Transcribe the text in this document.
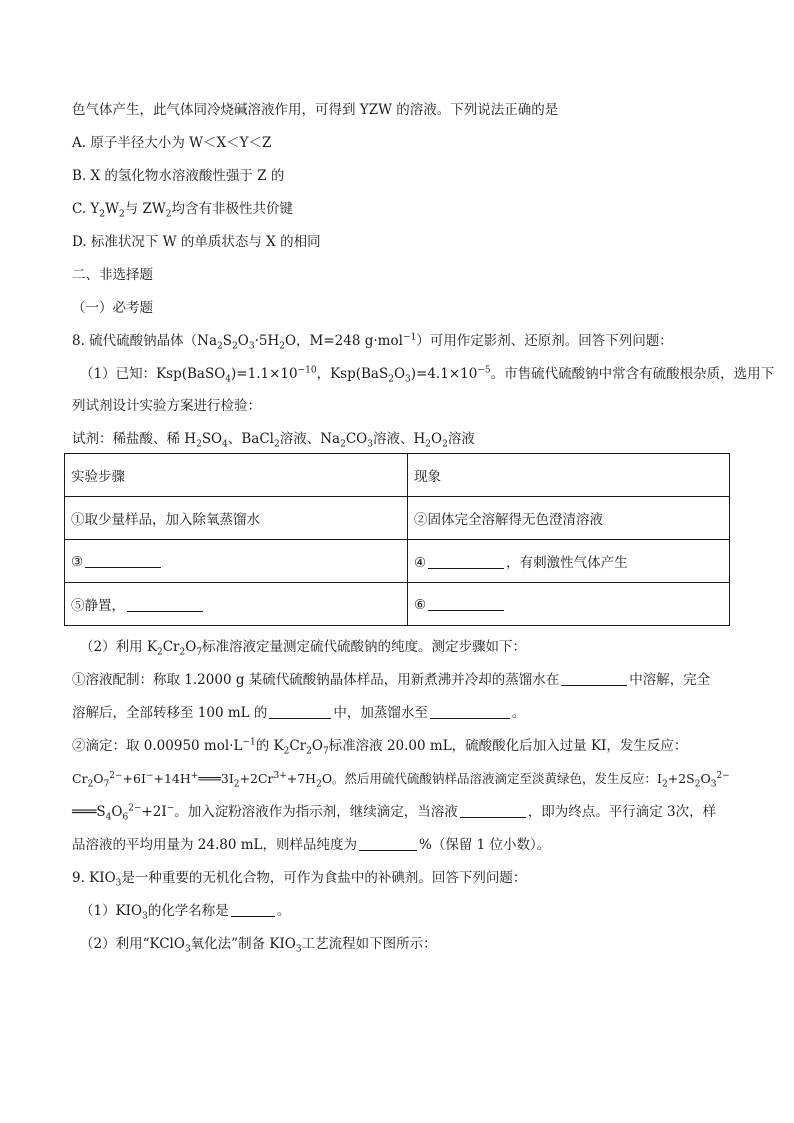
色气体产生，此气体同冷烧碱溶液作用，可得到 YZW 的溶液。下列说法正确的是
A. 原子半径大小为 W＜X＜Y＜Z
B. X 的氢化物水溶液酸性强于 Z 的
C. $Y_2W_2$与 $ZW_2$均含有非极性共价键
D. 标准状况下 W 的单质状态与 X 的相同
二、非选择题
（一）必考题
8. 硫代硫酸钠晶体（$Na_2S_2O_3\cdot 5H_2O$，M=248 g·mol$^{-1}$）可用作定影剂、还原剂。回答下列问题：
（1）已知：$Ksp(BaSO_4)=1.1\times 10^{-10}$，$Ksp(BaS_2O_3)=4.1\times 10^{-5}$。市售硫代硫酸钠中常含有硫酸根杂质，选用下
列试剂设计实验方案进行检验：
试剂：稀盐酸、稀 $H_2SO_4$、BaCl$_2$溶液、$Na_2CO_3$溶液、$H_2O_2$溶液
实验步骤	现象
①取少量样品，加入除氧蒸馏水	②固体完全溶解得无色澄清溶液
③	④ ，有刺激性气体产生
⑤静置，	⑥
（2）利用 $K_2Cr_2O_7$标准溶液定量测定硫代硫酸钠的纯度。测定步骤如下：
①溶液配制：称取 1.2000 g 某硫代硫酸钠晶体样品，用新煮沸并冷却的蒸馏水在	中溶解，完全
溶解后，全部转移至 100 mL 的	中，加蒸馏水至	。
②滴定：取 0.00950 $mol\cdot L^{-1}$的 $K_2Cr_2O_7$标准溶液 20.00 mL，硫酸酸化后加入过量 KI，发生反应：
$Cr_2O_7^{2-}+6I^-+14H^+═══3I_2+2Cr^{3+}+7H_2O$。然后用硫代硫酸钠样品溶液滴定至淡黄绿色，发生反应：$I_2+2S_2O_3^{2-}$
$═══S_4O_6^{2-}+2I^-$。加入淀粉溶液作为指示剂，继续滴定，当溶液	，即为终点。平行滴定 3次，样
品溶液的平均用量为 24.80 mL，则样品纯度为	%（保留 1 位小数）。
9. $KIO_3$是一种重要的无机化合物，可作为食盐中的补碘剂。回答下列问题：
$(1)KIO_3$的化学名称是	。
（2）利用“KClO$_3$氧化法”制备 $KIO_3$工艺流程如下图所示：
